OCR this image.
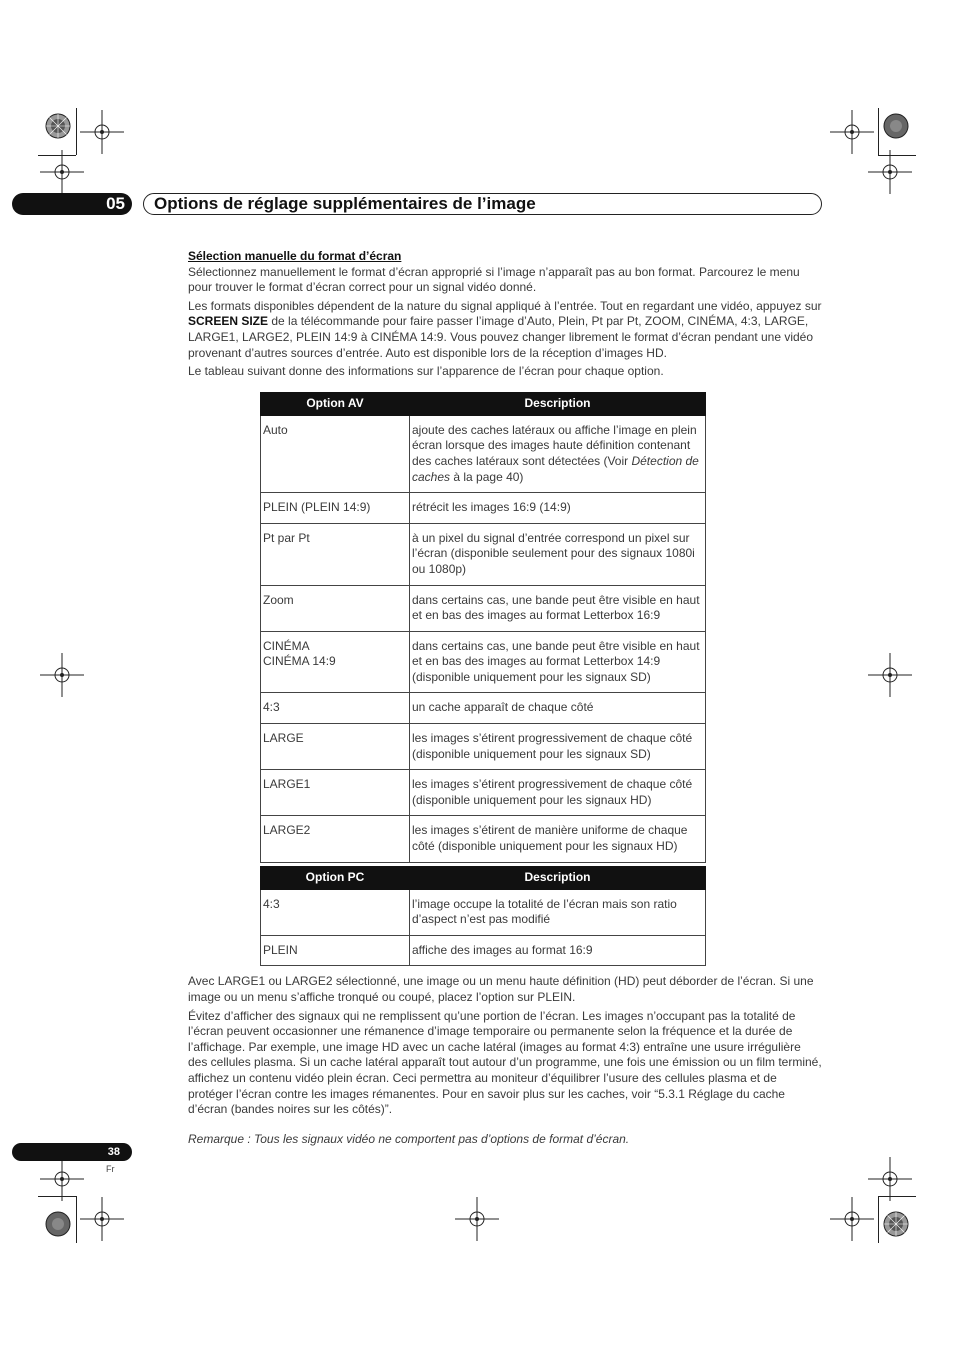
05	Options de réglage supplémentaires de l’image

Sélection manuelle du format d’écran

Sélectionnez manuellement le format d’écran approprié si l’image n’apparaît pas au bon format. Parcourez le menu pour trouver le format d’écran correct pour un signal vidéo donné.

Les formats disponibles dépendent de la nature du signal appliqué à l’entrée. Tout en regardant une vidéo, appuyez sur SCREEN SIZE de la télécommande pour faire passer l’image d’Auto, Plein, Pt par Pt, ZOOM, CINÉMA, 4:3, LARGE, LARGE1, LARGE2, PLEIN 14:9 à CINÉMA 14:9. Vous pouvez changer librement le format d’écran pendant une vidéo provenant d’autres sources d’entrée. Auto est disponible lors de la réception d’images HD.

Le tableau suivant donne des informations sur l’apparence de l’écran pour chaque option.

Option AV	Description
Auto	ajoute des caches latéraux ou affiche l’image en plein écran lorsque des images haute définition contenant des caches latéraux sont détectées (Voir Détection de caches à la page 40)
PLEIN (PLEIN 14:9)	rétrécit les images 16:9 (14:9)
Pt par Pt	à un pixel du signal d’entrée correspond un pixel sur l’écran (disponible seulement pour des signaux 1080i ou 1080p)
Zoom	dans certains cas, une bande peut être visible en haut et en bas des images au format Letterbox 16:9

CINÉMA
CINÉMA 14:9	dans certains cas, une bande peut être visible en haut et en bas des images au format Letterbox 14:9 (disponible uniquement pour les signaux SD)
4:3	un cache apparaît de chaque côté
LARGE	les images s’étirent progressivement de chaque côté (disponible uniquement pour les signaux SD)
LARGE1	les images s’étirent progressivement de chaque côté (disponible uniquement pour les signaux HD)
LARGE2	les images s’étirent de manière uniforme de chaque côté (disponible uniquement pour les signaux HD)
Option PC	Description
4:3	l’image occupe la totalité de l’écran mais son ratio d’aspect n’est pas modifié
PLEIN	affiche des images au format 16:9

Avec LARGE1 ou LARGE2 sélectionné, une image ou un menu haute définition (HD) peut déborder de l’écran. Si une image ou un menu s’affiche tronqué ou coupé, placez l’option sur PLEIN.

Évitez d’afficher des signaux qui ne remplissent qu’une portion de l’écran. Les images n’occupant pas la totalité de l’écran peuvent occasionner une rémanence d’image temporaire ou permanente selon la fréquence et la durée de l’affichage. Par exemple, une image HD avec un cache latéral (images au format 4:3) entraîne une usure irrégulière des cellules plasma. Si un cache latéral apparaît tout autour d’un programme, une fois une émission ou un film terminé, affichez un contenu vidéo plein écran. Ceci permettra au moniteur d’équilibrer l’usure des cellules plasma et de protéger l’écran contre les images rémanentes. Pour en savoir plus sur les caches, voir “5.3.1 Réglage du cache d’écran (bandes noires sur les côtés)”.

Remarque : Tous les signaux vidéo ne comportent pas d’options de format d’écran.

38
Fr
